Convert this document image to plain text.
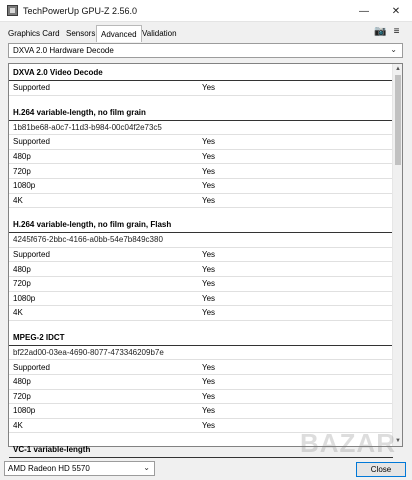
TechPowerUp GPU-Z 2.56.0	—	✕
Graphics Card Sensors Advanced Validation	📷 ≡
DXVA 2.0 Hardware Decode	⌄
DXVA 2.0 Video Decode
Supported	Yes
H.264 variable-length, no film grain
1b81be68-a0c7-11d3-b984-00c04f2e73c5
Supported	Yes
480p	Yes
720p	Yes
1080p	Yes
4K	Yes
H.264 variable-length, no film grain, Flash
4245f676-2bbc-4166-a0bb-54e7b849c380
Supported	Yes
480p	Yes
720p	Yes
1080p	Yes
4K	Yes
MPEG-2 IDCT
bf22ad00-03ea-4690-8077-473346209b7e
Supported	Yes
480p	Yes
720p	Yes
1080p	Yes
4K	Yes
VC-1 variable-length
▲
▼
AMD Radeon HD 5570	⌄	Close
BAZAR
